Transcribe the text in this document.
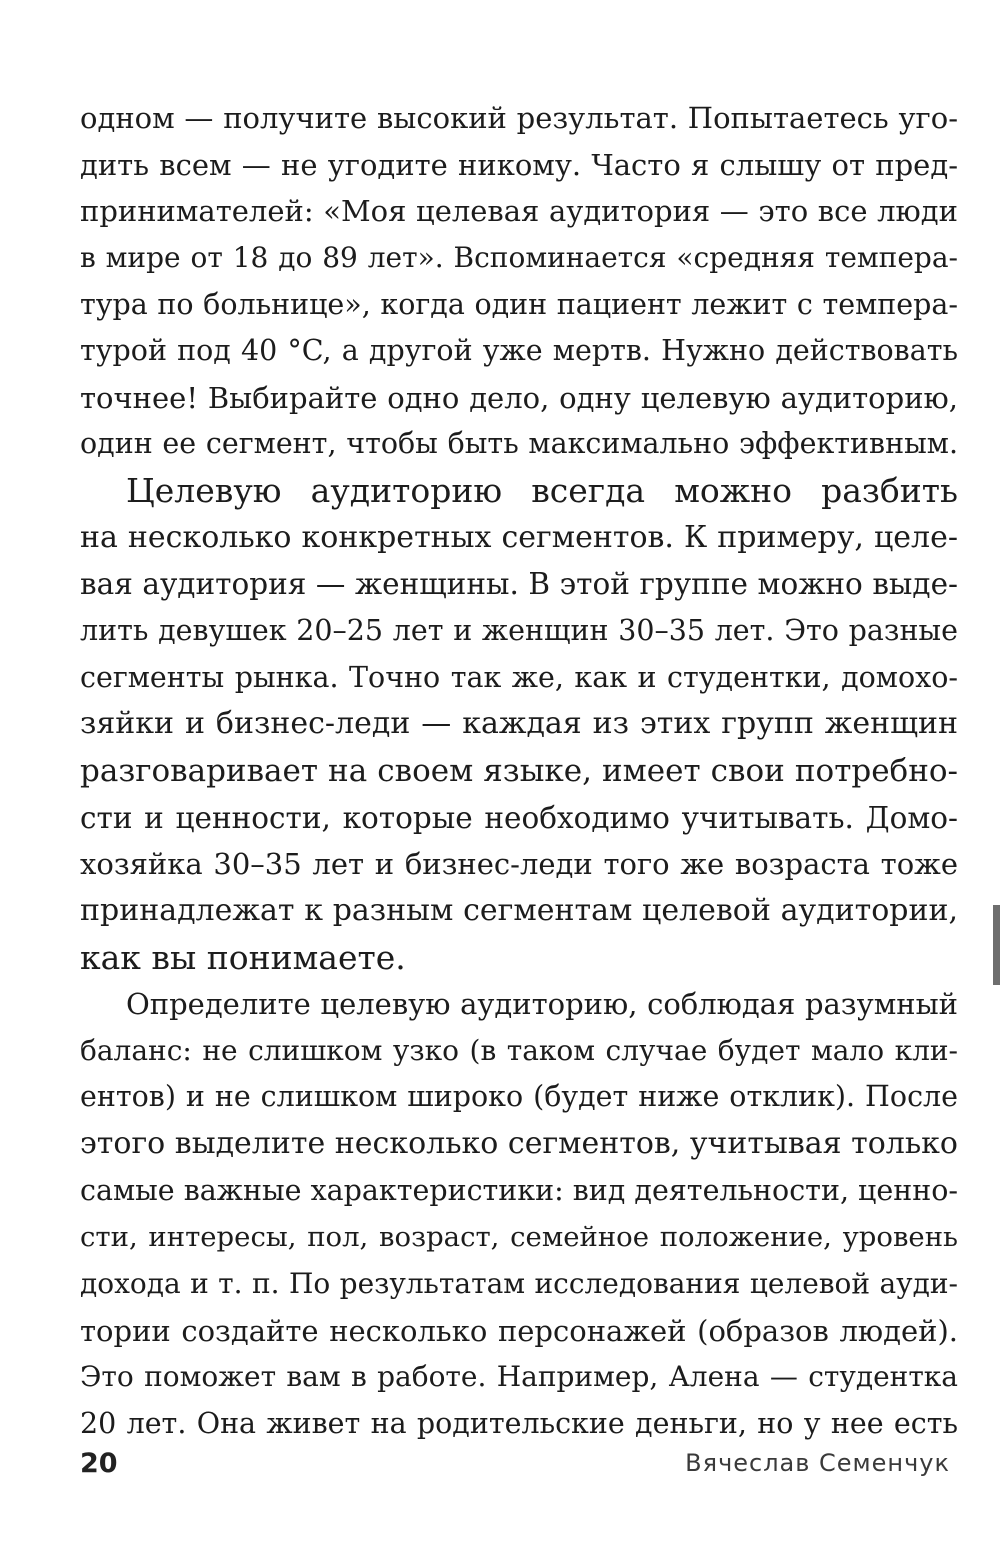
одном — получите высокий результат. Попытаетесь уго-
дить всем — не угодите никому. Часто я слышу от пред-
принимателей: «Моя целевая аудитория — это все люди
в мире от 18 до 89 лет». Вспоминается «средняя темпера-
тура по больнице», когда один пациент лежит с темпера-
турой под 40 °C, а другой уже мертв. Нужно действовать
точнее! Выбирайте одно дело, одну целевую аудиторию,
один ее сегмент, чтобы быть максимально эффективным.
Целевую аудиторию всегда можно разбить
на несколько конкретных сегментов. К примеру, целе-
вая аудитория — женщины. В этой группе можно выде-
лить девушек 20–25 лет и женщин 30–35 лет. Это разные
сегменты рынка. Точно так же, как и студентки, домохо-
зяйки и бизнес-леди — каждая из этих групп женщин
разговаривает на своем языке, имеет свои потребно-
сти и ценности, которые необходимо учитывать. Домо-
хозяйка 30–35 лет и бизнес-леди того же возраста тоже
принадлежат к разным сегментам целевой аудитории,
как вы понимаете.
Определите целевую аудиторию, соблюдая разумный
баланс: не слишком узко (в таком случае будет мало кли-
ентов) и не слишком широко (будет ниже отклик). После
этого выделите несколько сегментов, учитывая только
самые важные характеристики: вид деятельности, ценно-
сти, интересы, пол, возраст, семейное положение, уровень
дохода и т. п. По результатам исследования целевой ауди-
тории создайте несколько персонажей (образов людей).
Это поможет вам в работе. Например, Алена — студентка
20 лет. Она живет на родительские деньги, но у нее есть
20	Вячеслав Семенчук
